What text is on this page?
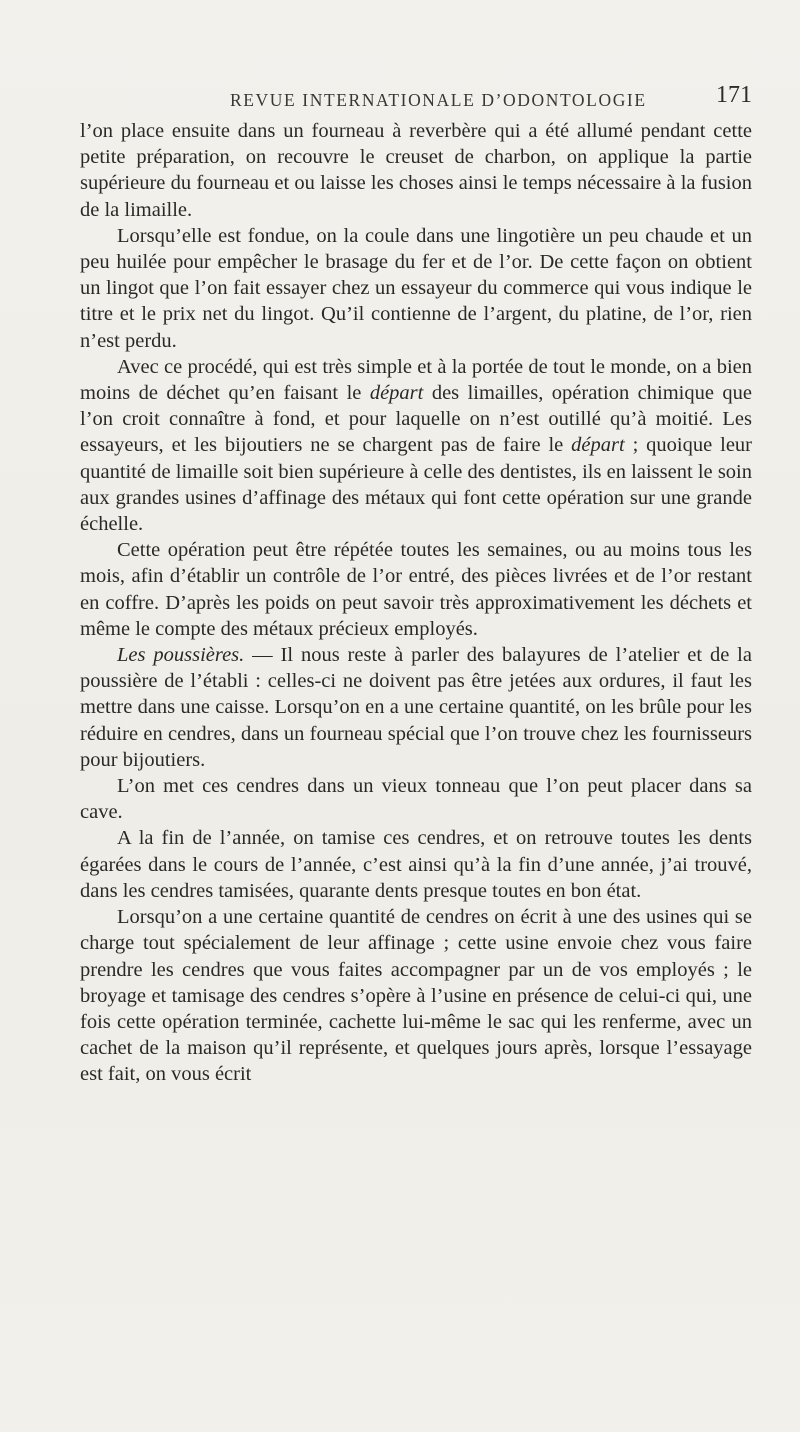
REVUE INTERNATIONALE D’ODONTOLOGIE	171

l’on place ensuite dans un fourneau à reverbère qui a été allumé pendant cette petite préparation, on recouvre le creuset de charbon, on applique la partie supérieure du fourneau et ou laisse les choses ainsi le temps nécessaire à la fusion de la limaille.

Lorsqu’elle est fondue, on la coule dans une lingotière un peu chaude et un peu huilée pour empêcher le brasage du fer et de l’or. De cette façon on obtient un lingot que l’on fait essayer chez un essayeur du commerce qui vous indique le titre et le prix net du lingot. Qu’il contienne de l’argent, du platine, de l’or, rien n’est perdu.

Avec ce procédé, qui est très simple et à la portée de tout le monde, on a bien moins de déchet qu’en faisant le départ des limailles, opération chimique que l’on croit connaître à fond, et pour laquelle on n’est outillé qu’à moitié. Les essayeurs, et les bijoutiers ne se chargent pas de faire le départ ; quoique leur quantité de limaille soit bien supérieure à celle des dentistes, ils en laissent le soin aux grandes usines d’affinage des métaux qui font cette opération sur une grande échelle.

Cette opération peut être répétée toutes les semaines, ou au moins tous les mois, afin d’établir un contrôle de l’or entré, des pièces livrées et de l’or restant en coffre. D’après les poids on peut savoir très approximativement les déchets et même le compte des métaux précieux employés.

Les poussières. — Il nous reste à parler des balayures de l’atelier et de la poussière de l’établi : celles-ci ne doivent pas être jetées aux ordures, il faut les mettre dans une caisse. Lorsqu’on en a une certaine quantité, on les brûle pour les réduire en cendres, dans un fourneau spécial que l’on trouve chez les fournisseurs pour bijoutiers.

L’on met ces cendres dans un vieux tonneau que l’on peut placer dans sa cave.

A la fin de l’année, on tamise ces cendres, et on retrouve toutes les dents égarées dans le cours de l’année, c’est ainsi qu’à la fin d’une année, j’ai trouvé, dans les cendres tamisées, quarante dents presque toutes en bon état.

Lorsqu’on a une certaine quantité de cendres on écrit à une des usines qui se charge tout spécialement de leur affinage ; cette usine envoie chez vous faire prendre les cendres que vous faites accompagner par un de vos employés ; le broyage et tamisage des cendres s’opère à l’usine en présence de celui-ci qui, une fois cette opération terminée, cachette lui-même le sac qui les renferme, avec un cachet de la maison qu’il représente, et quelques jours après, lorsque l’essayage est fait, on vous écrit
